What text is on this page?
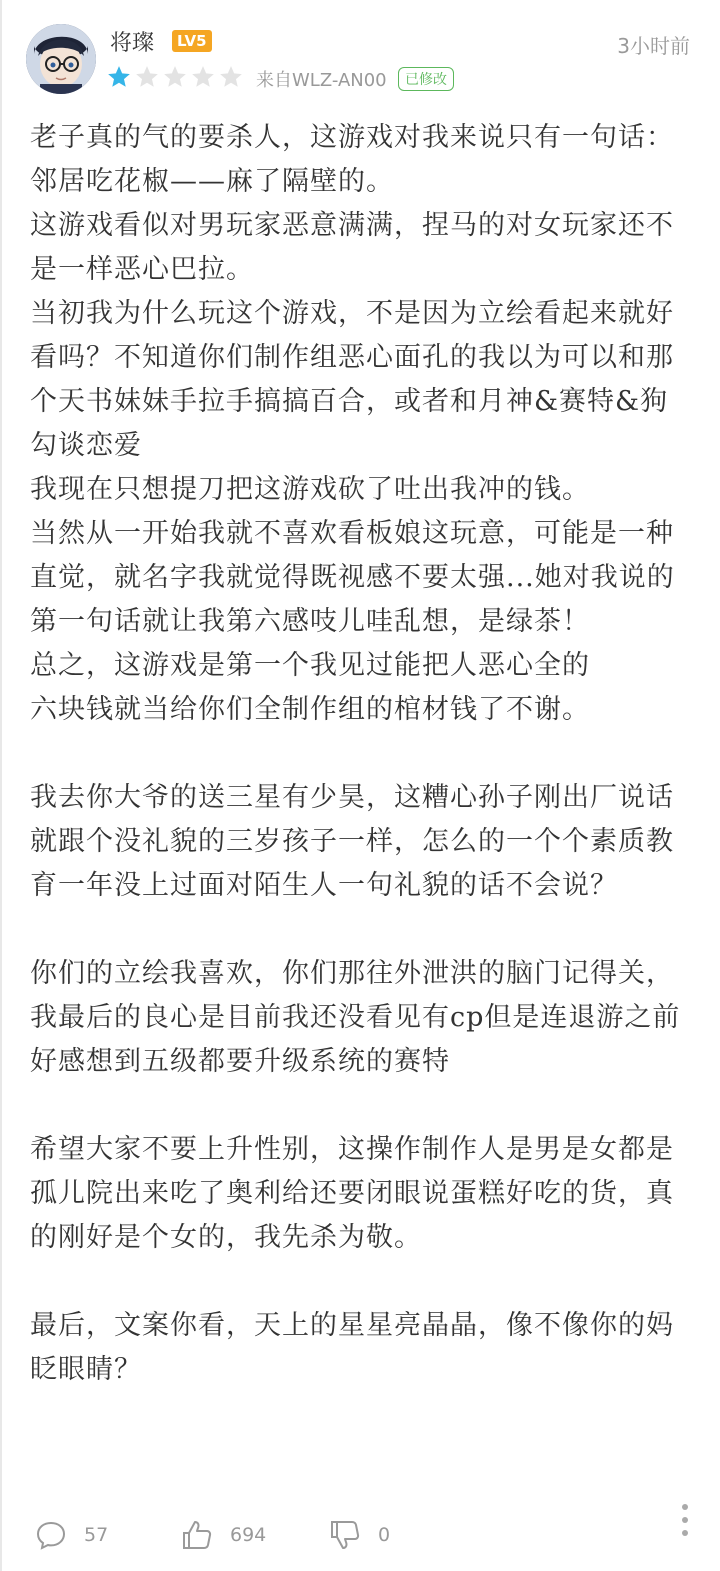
将璨	LV5	3小时前
来自WLZ-AN00	已修改

老子真的气的要杀人，这游戏对我来说只有一句话：邻居吃花椒——麻了隔壁的。
这游戏看似对男玩家恶意满满，捏马的对女玩家还不是一样恶心巴拉。
当初我为什么玩这个游戏，不是因为立绘看起来就好看吗？不知道你们制作组恶心面孔的我以为可以和那个天书妹妹手拉手搞搞百合，或者和月神&赛特&狗勾谈恋爱
我现在只想提刀把这游戏砍了吐出我冲的钱。
当然从一开始我就不喜欢看板娘这玩意，可能是一种直觉，就名字我就觉得既视感不要太强...她对我说的第一句话就让我第六感吱儿哇乱想，是绿茶！
总之，这游戏是第一个我见过能把人恶心全的
六块钱就当给你们全制作组的棺材钱了不谢。

我去你大爷的送三星有少昊，这糟心孙子刚出厂说话就跟个没礼貌的三岁孩子一样，怎么的一个个素质教育一年没上过面对陌生人一句礼貌的话不会说？

你们的立绘我喜欢，你们那往外泄洪的脑门记得关，我最后的良心是目前我还没看见有cp但是连退游之前好感想到五级都要升级系统的赛特

希望大家不要上升性别，这操作制作人是男是女都是孤儿院出来吃了奥利给还要闭眼说蛋糕好吃的货，真的刚好是个女的，我先杀为敬。

最后，文案你看，天上的星星亮晶晶，像不像你的妈眨眼睛？

57	694	0
